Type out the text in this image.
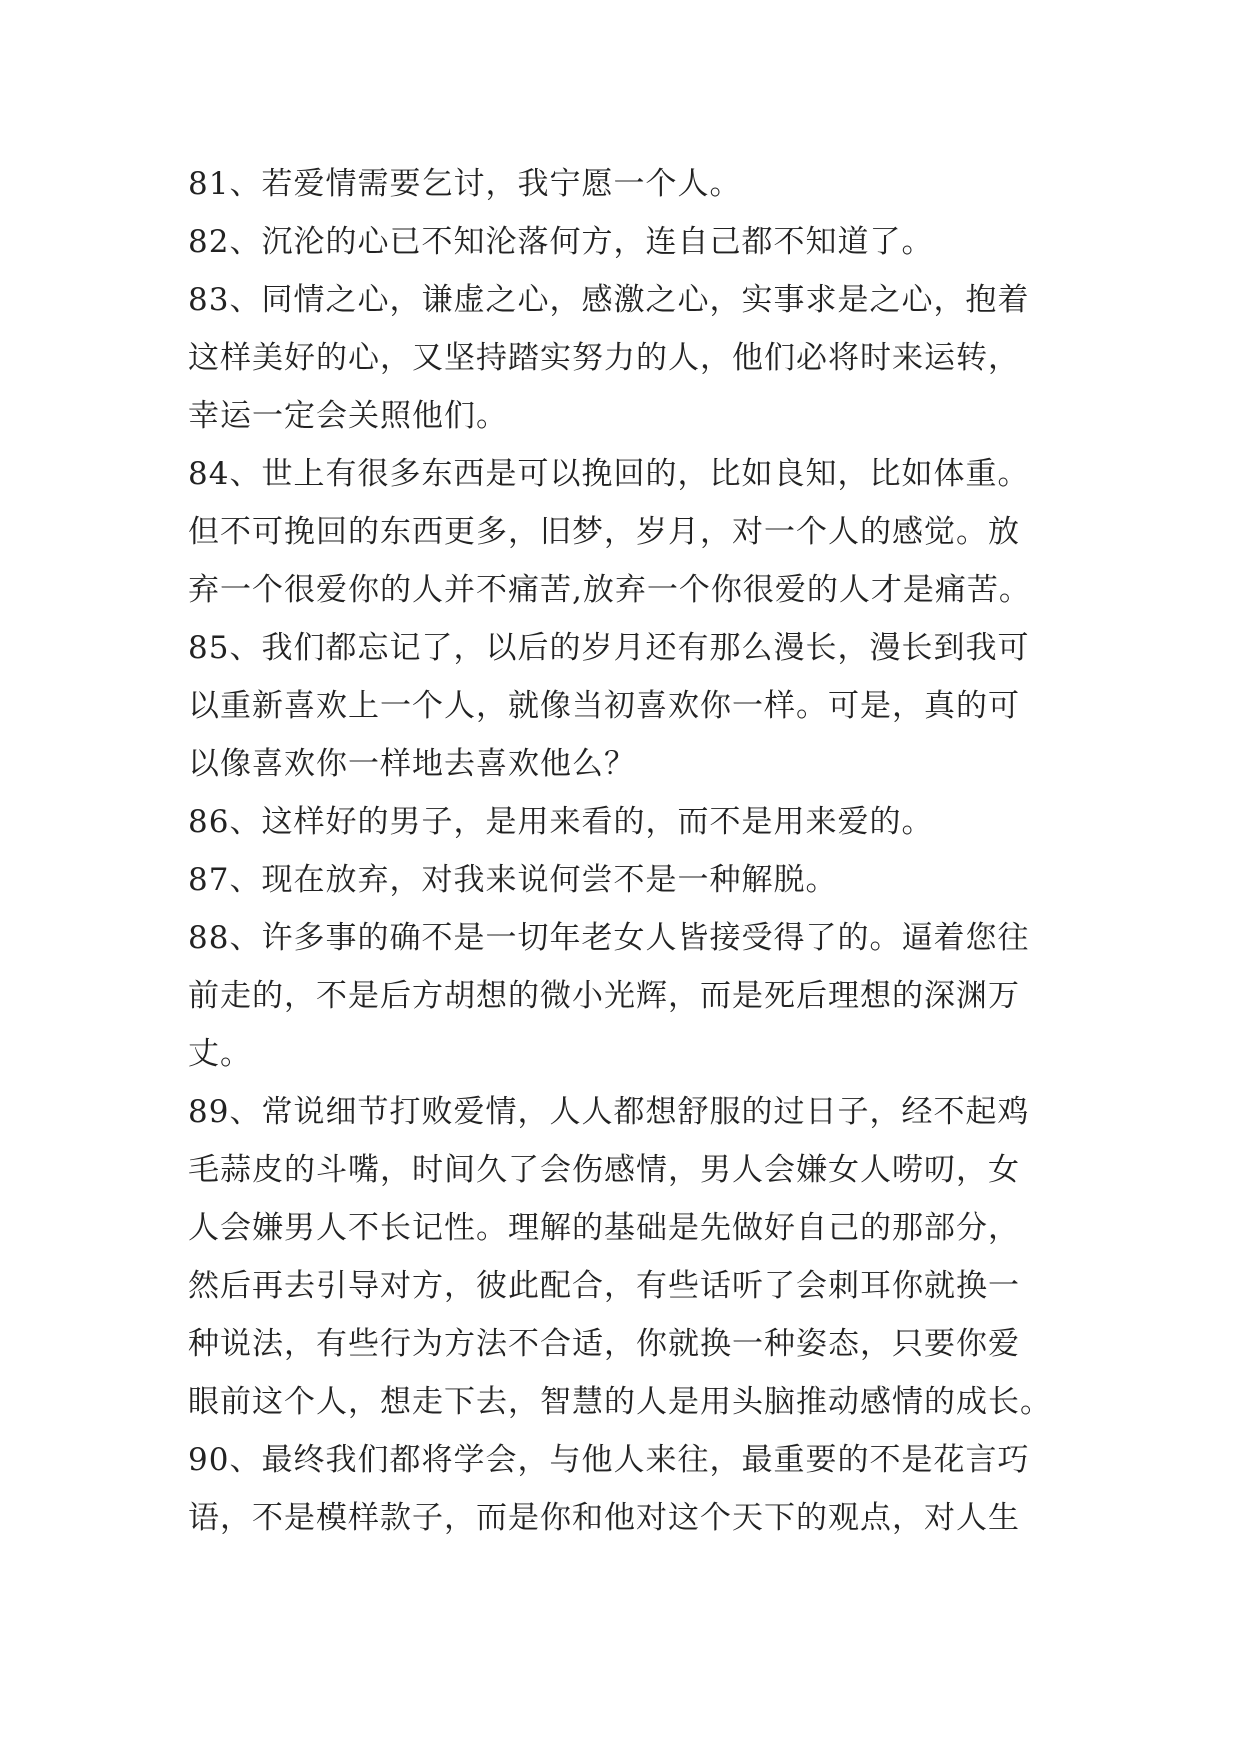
81、若爱情需要乞讨，我宁愿一个人。
82、沉沦的心已不知沦落何方，连自己都不知道了。
83、同情之心，谦虚之心，感激之心，实事求是之心，抱着
这样美好的心，又坚持踏实努力的人，他们必将时来运转，
幸运一定会关照他们。
84、世上有很多东西是可以挽回的，比如良知，比如体重。
但不可挽回的东西更多，旧梦，岁月，对一个人的感觉。放
弃一个很爱你的人并不痛苦,放弃一个你很爱的人才是痛苦。
85、我们都忘记了，以后的岁月还有那么漫长，漫长到我可
以重新喜欢上一个人，就像当初喜欢你一样。可是，真的可
以像喜欢你一样地去喜欢他么？
86、这样好的男子，是用来看的，而不是用来爱的。
87、现在放弃，对我来说何尝不是一种解脱。
88、许多事的确不是一切年老女人皆接受得了的。逼着您往
前走的，不是后方胡想的微小光辉，而是死后理想的深渊万
丈。
89、常说细节打败爱情，人人都想舒服的过日子，经不起鸡
毛蒜皮的斗嘴，时间久了会伤感情，男人会嫌女人唠叨，女
人会嫌男人不长记性。理解的基础是先做好自己的那部分，
然后再去引导对方，彼此配合，有些话听了会刺耳你就换一
种说法，有些行为方法不合适，你就换一种姿态，只要你爱
眼前这个人，想走下去，智慧的人是用头脑推动感情的成长。
90、最终我们都将学会，与他人来往，最重要的不是花言巧
语，不是模样款子，而是你和他对这个天下的观点，对人生
